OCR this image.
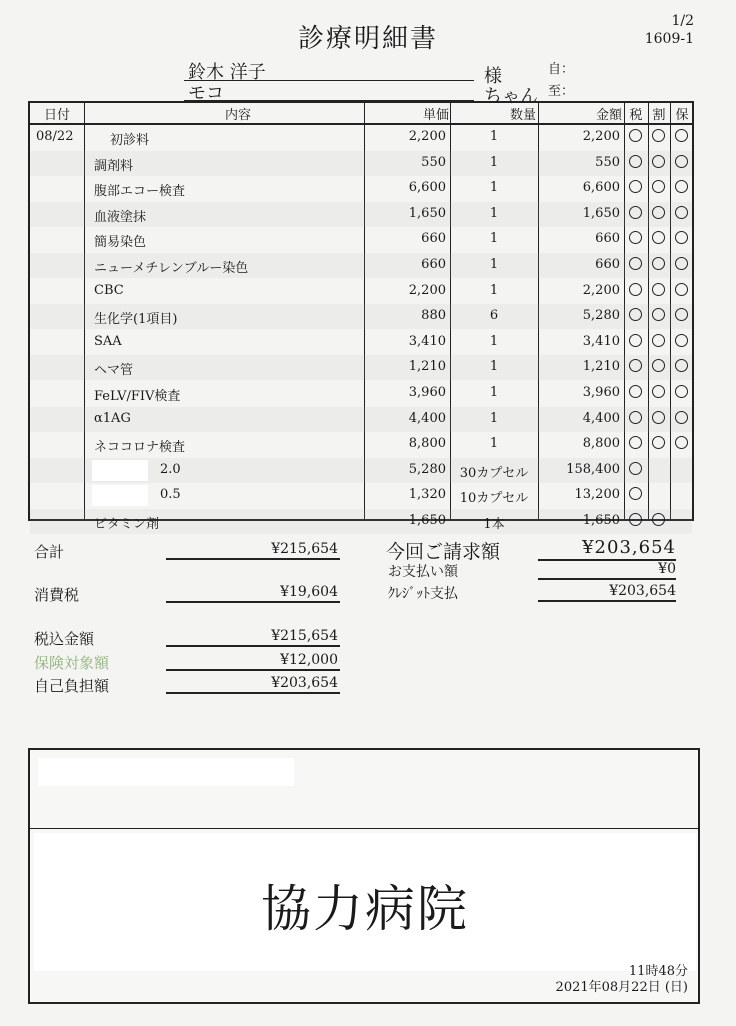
診療明細書
1/2
1609-1
鈴木 洋子	様
モコ	ちゃん
自：
至：
日付	内容	単価	数量	金額 税 割 保
08/22	初診料	2,200	1	2,200
調剤料	550	1	550
腹部エコー検査	6,600	1	6,600
血液塗抹	1,650	1	1,650
簡易染色	660	1	660
ニューメチレンブルー染色	660	1	660
CBC	2,200	1	2,200
生化学(1項目)	880	6	5,280
SAA	3,410	1	3,410
ヘマ管	1,210	1	1,210
FeLV/FIV検査	3,960	1	3,960
α1AG	4,400	1	4,400
ネココロナ検査	8,800	1	8,800
2.0	5,280	30カプセル	158,400
0.5	1,320	10カプセル	13,200
ビタミン剤	1,650	1本	1,650
合計	¥215,654
消費税	¥19,604
税込金額	¥215,654
保険対象額	¥12,000
自己負担額	¥203,654
今回ご請求額	¥203,654
お支払い額	¥0
ｸﾚｼﾞｯﾄ支払	¥203,654
協力病院
11時48分
2021年08月22日 (日)
